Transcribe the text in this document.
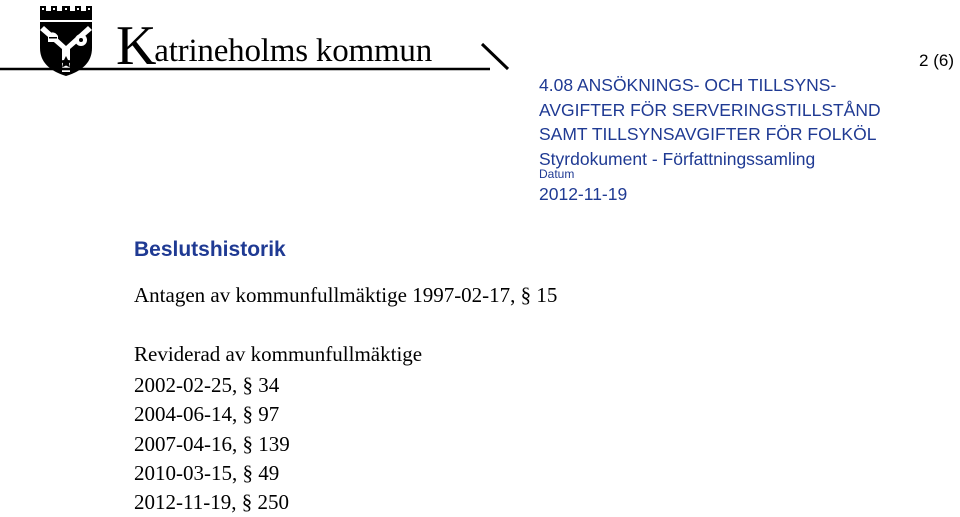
Katrineholms kommun	2 (6)
4.08 ANSÖKNINGS- OCH TILLSYNS-
AVGIFTER FÖR SERVERINGSTILLSTÅND
SAMT TILLSYNSAVGIFTER FÖR FOLKÖL
Styrdokument - Författningssamling
Datum
2012-11-19
Beslutshistorik
Antagen av kommunfullmäktige 1997-02-17, § 15
Reviderad av kommunfullmäktige
2002-02-25, § 34
2004-06-14, § 97
2007-04-16, § 139
2010-03-15, § 49
2012-11-19, § 250
